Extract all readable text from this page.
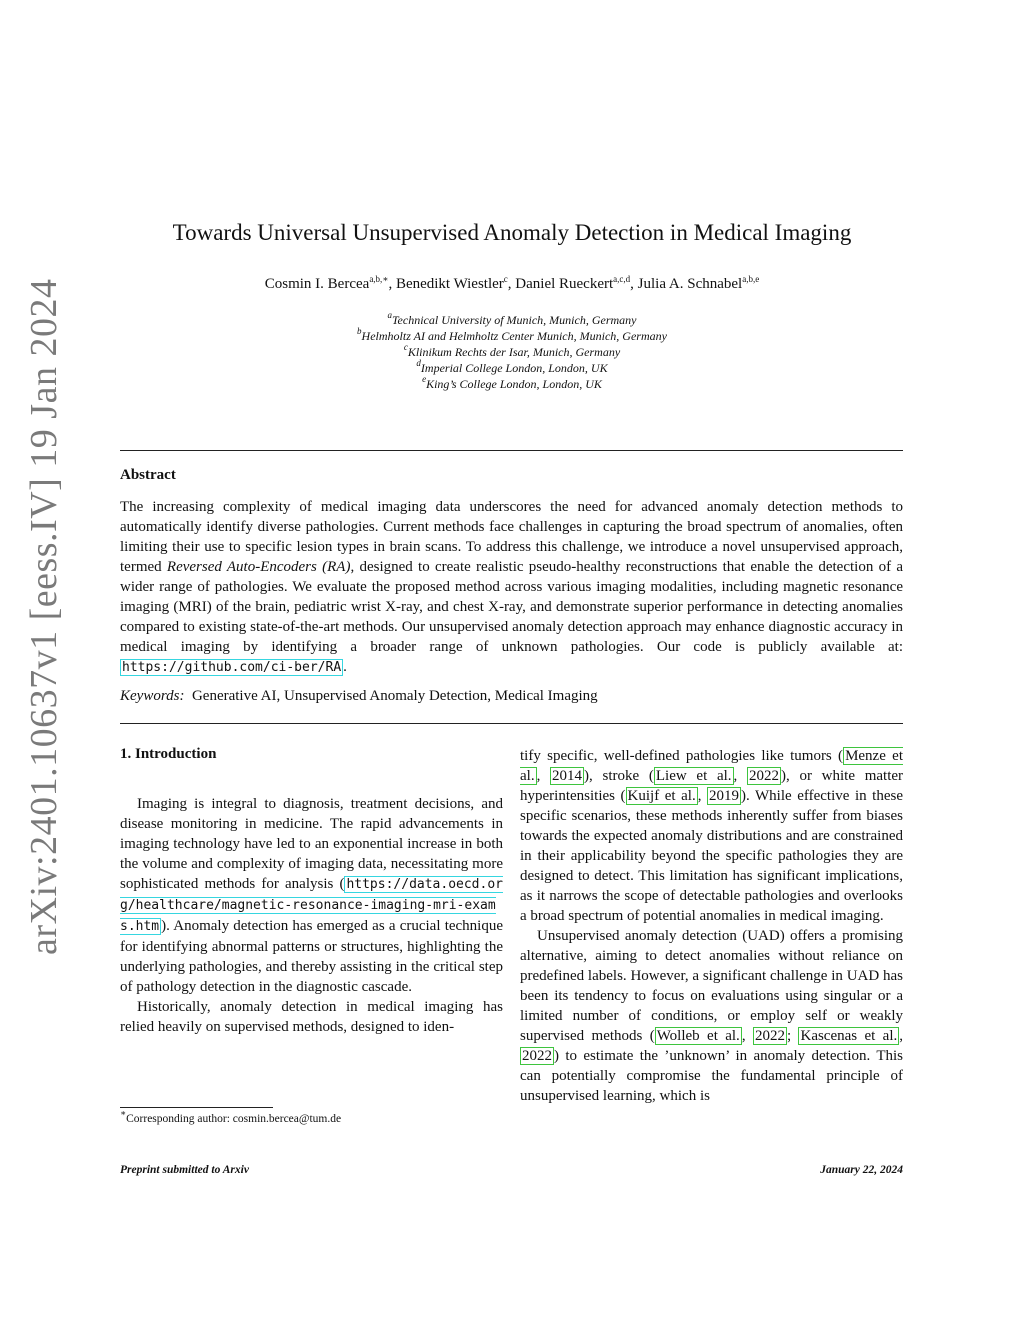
arXiv:2401.10637v1 [eess.IV] 19 Jan 2024
Towards Universal Unsupervised Anomaly Detection in Medical Imaging
Cosmin I. Bercea$^{a,b,∗}$, Benedikt Wiestler$^c$, Daniel Rueckert$^{a,c,d}$, Julia A. Schnabel$^{a,b,e}$
$^a$Technical University of Munich, Munich, Germany
$^b$Helmholtz AI and Helmholtz Center Munich, Munich, Germany
$^c$Klinikum Rechts der Isar, Munich, Germany
$^d$Imperial College London, London, UK
$^e$King’s College London, London, UK
Abstract
The increasing complexity of medical imaging data underscores the need for advanced anomaly detection methods to automatically identify diverse pathologies. Current methods face challenges in capturing the broad spectrum of anomalies, often limiting their use to specific lesion types in brain scans. To address this challenge, we introduce a novel unsupervised approach, termed Reversed Auto-Encoders (RA), designed to create realistic pseudo-healthy reconstructions that enable the detection of a wider range of pathologies. We evaluate the proposed method across various imaging modalities, including magnetic resonance imaging (MRI) of the brain, pediatric wrist X-ray, and chest X-ray, and demonstrate superior performance in detecting anomalies compared to existing state-of-the-art methods. Our unsupervised anomaly detection approach may enhance diagnostic accuracy in medical imaging by identifying a broader range of unknown pathologies. Our code is publicly available at: https://github.com/ci-ber/RA .
Keywords: Generative AI, Unsupervised Anomaly Detection, Medical Imaging
1. Introduction

Imaging is integral to diagnosis, treatment decisions, and disease monitoring in medicine. The rapid advancements in imaging technology have led to an exponential increase in both the volume and complexity of imaging data, necessitating more sophisticated methods for analysis ( https://data.oecd.org/healthcare/magnetic-resonance-imaging-mri-exams.htm ). Anomaly detection has emerged as a crucial technique for identifying abnormal patterns or structures, highlighting the underlying pathologies, and thereby assisting in the critical step of pathology detection in the diagnostic cascade.

Historically, anomaly detection in medical imaging has relied heavily on supervised methods, designed to iden-

tify specific, well-defined pathologies like tumors ( Menze et al. , 2014 ), stroke ( Liew et al. , 2022 ), or white matter hyperintensities ( Kuijf et al. , 2019 ). While effective in these specific scenarios, these methods inherently suffer from biases towards the expected anomaly distributions and are constrained in their applicability beyond the specific pathologies they are designed to detect. This limitation has significant implications, as it narrows the scope of detectable pathologies and overlooks a broad spectrum of potential anomalies in medical imaging.

Unsupervised anomaly detection (UAD) offers a promising alternative, aiming to detect anomalies without reliance on predefined labels. However, a significant challenge in UAD has been its tendency to focus on evaluations using singular or a limited number of conditions, or employ self or weakly supervised methods ( Wolleb et al. , 2022 ; Kascenas et al. , 2022 ) to estimate the ’unknown’ in anomaly detection. This can potentially compromise the fundamental principle of unsupervised learning, which is

∗Corresponding author: cosmin.bercea@tum.de
Preprint submitted to Arxiv	January 22, 2024
